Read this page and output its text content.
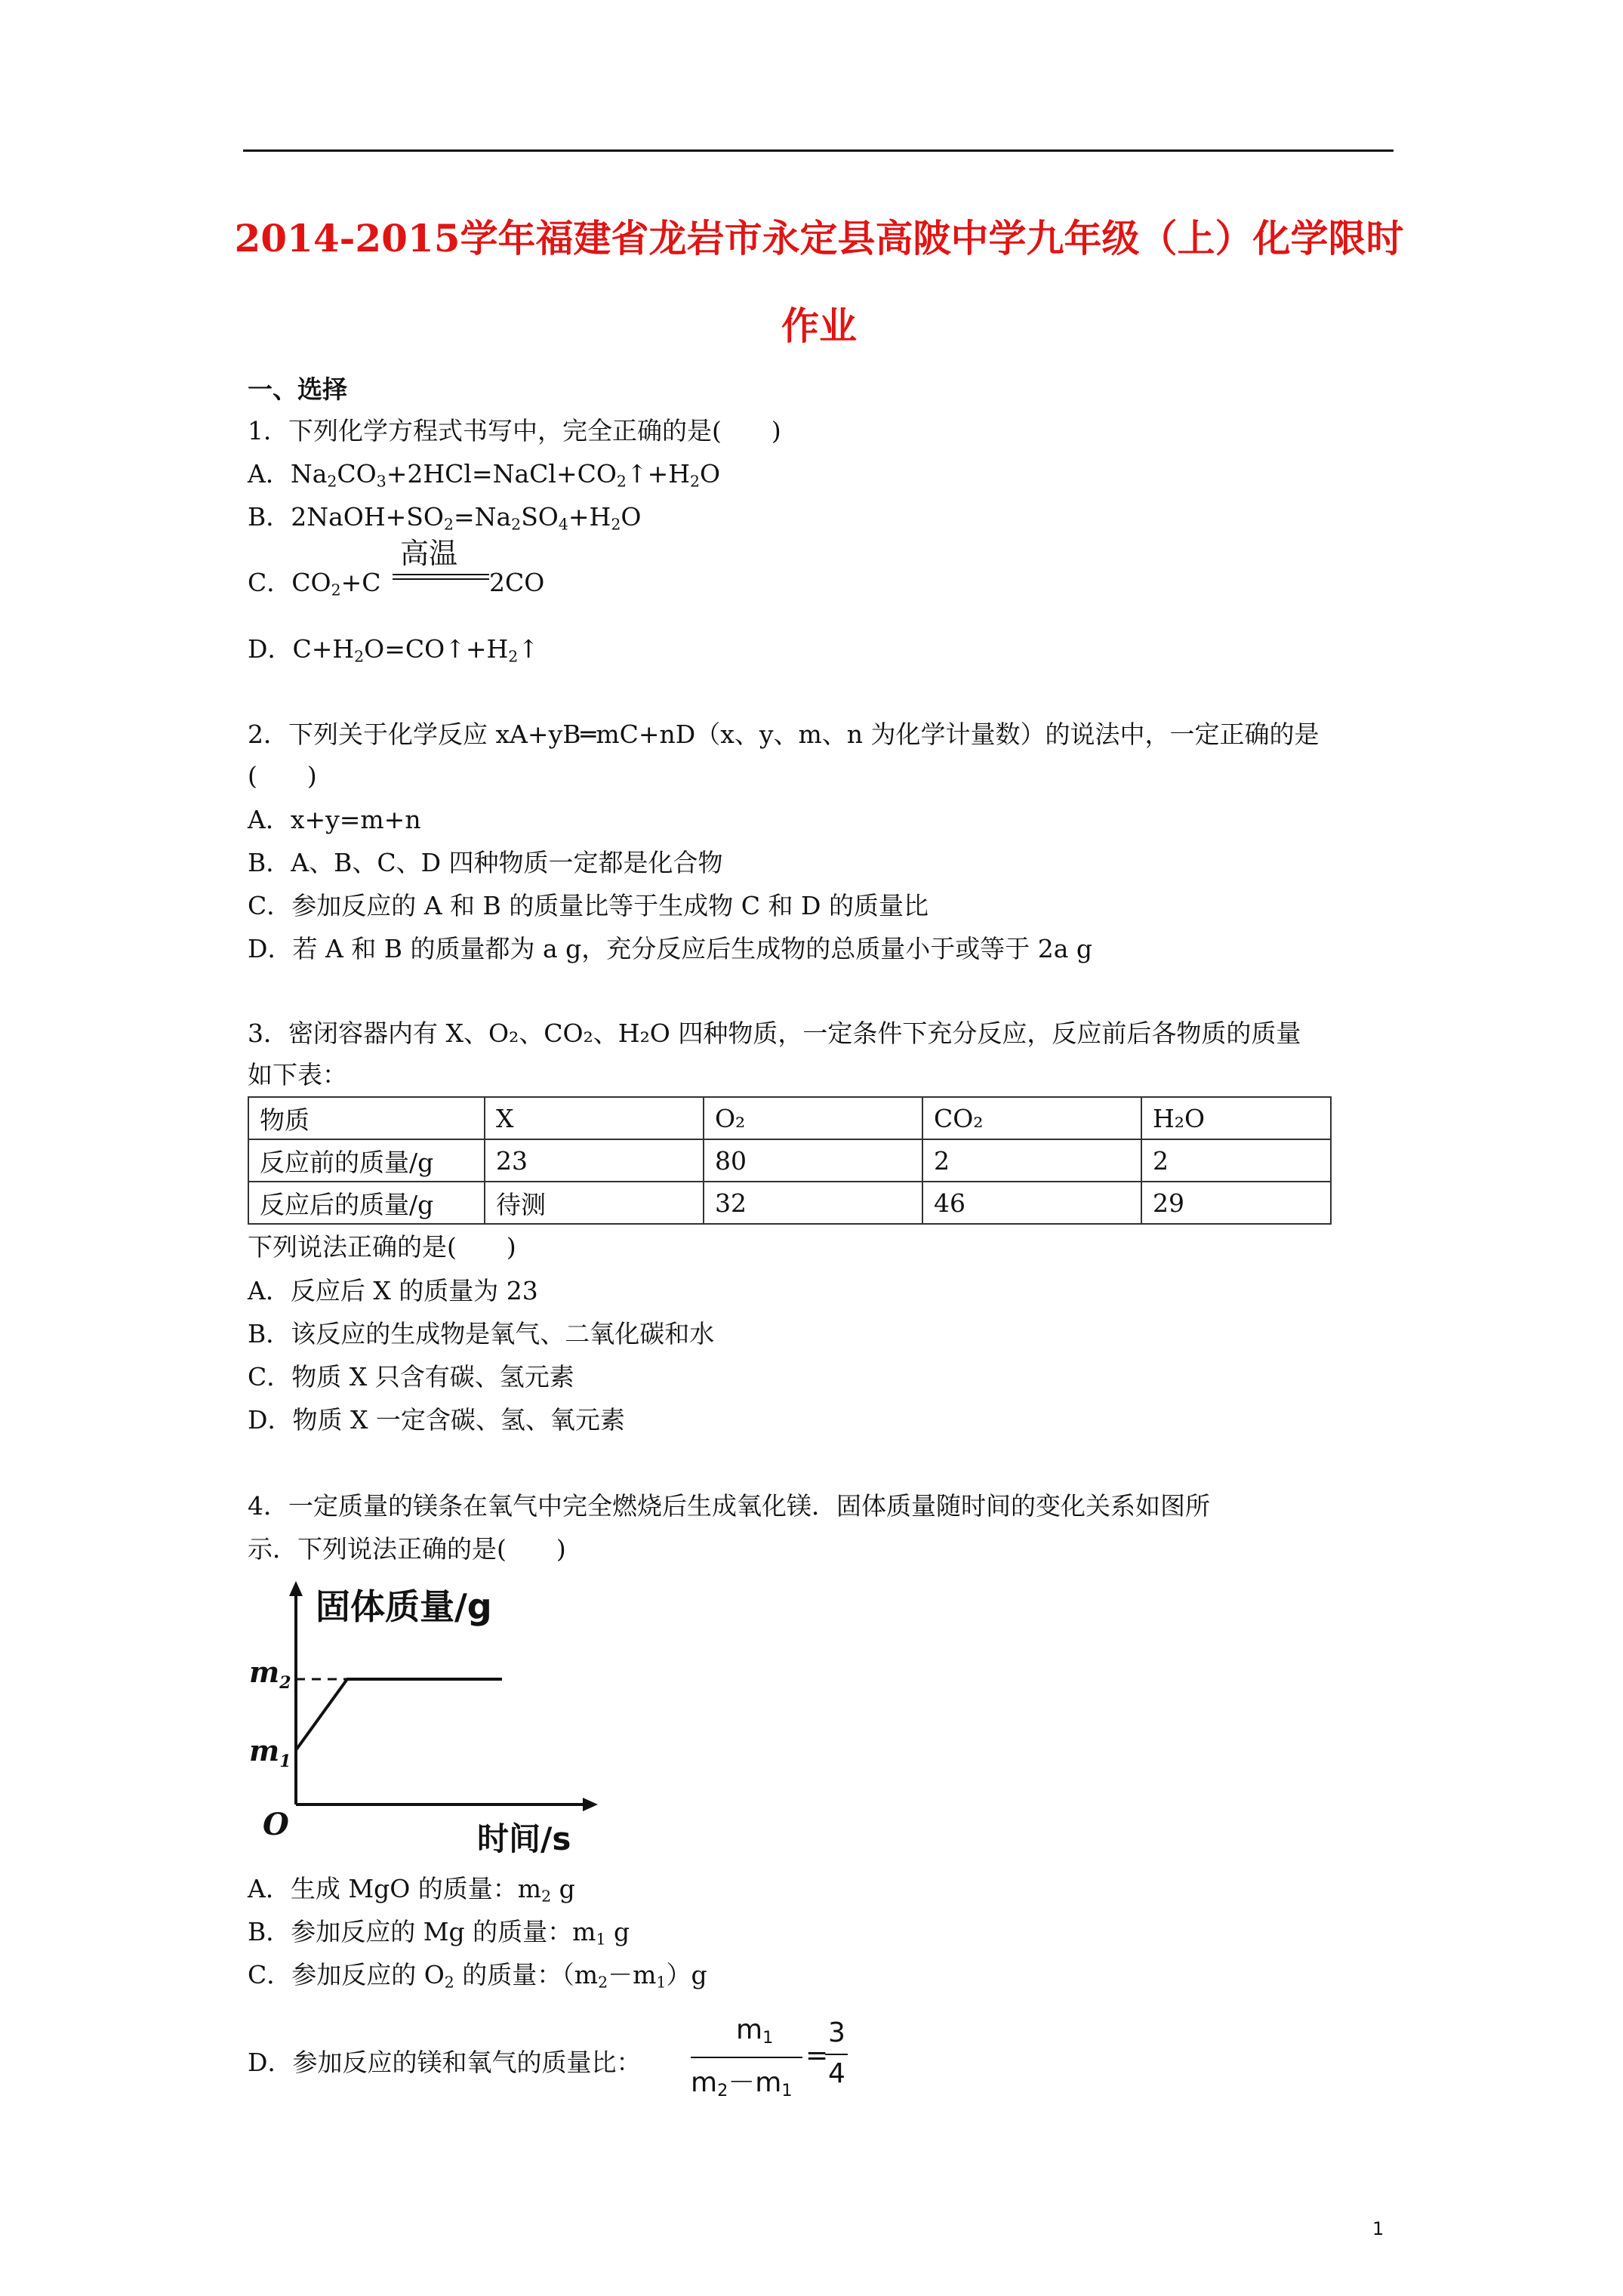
2014-2015学年福建省龙岩市永定县高陂中学九年级（上）化学限时
作业
一、选择
1．下列化学方程式书写中，完全正确的是(　　)
A．$Na_2CO_3+2HCl=NaCl+CO_2↑+H_2O$
B．$2NaOH+SO_2=Na_2SO_4+H_2O$
C．$CO_2+C$
高温
2CO
D．$C+H_2O=CO↑+H_2↑$
2．下列关于化学反应 xA+yB═mC+nD（x、y、m、n 为化学计量数）的说法中，一定正确的是
(　　)
A．x+y=m+n
B．A、B、C、D 四种物质一定都是化合物
C．参加反应的 A 和 B 的质量比等于生成物 C 和 D 的质量比
D．若 A 和 B 的质量都为 a g，充分反应后生成物的总质量小于或等于 2a g
3．密闭容器内有 X、O₂、CO₂、H₂O 四种物质，一定条件下充分反应，反应前后各物质的质量
如下表：
物质	X	O₂	CO₂	H₂O
反应前的质量/g	23	80	2	2
反应后的质量/g	待测	32	46	29
下列说法正确的是(　　)
A．反应后 X 的质量为 23
B．该反应的生成物是氧气、二氧化碳和水
C．物质 X 只含有碳、氢元素
D．物质 X 一定含碳、氢、氧元素
4．一定质量的镁条在氧气中完全燃烧后生成氧化镁．固体质量随时间的变化关系如图所
示．下列说法正确的是(　　)
固体质量/g
时间/s
O
$m_2$
$m_1$
A．生成 MgO 的质量：$m_2$ g
B．参加反应的 Mg 的质量：$m_1$ g
C．参加反应的 $O_2$ 的质量：$(m_2-m_1)g$
D．参加反应的镁和氧气的质量比：
$m_1$
$m_2-m_1$
=
3
4
1
